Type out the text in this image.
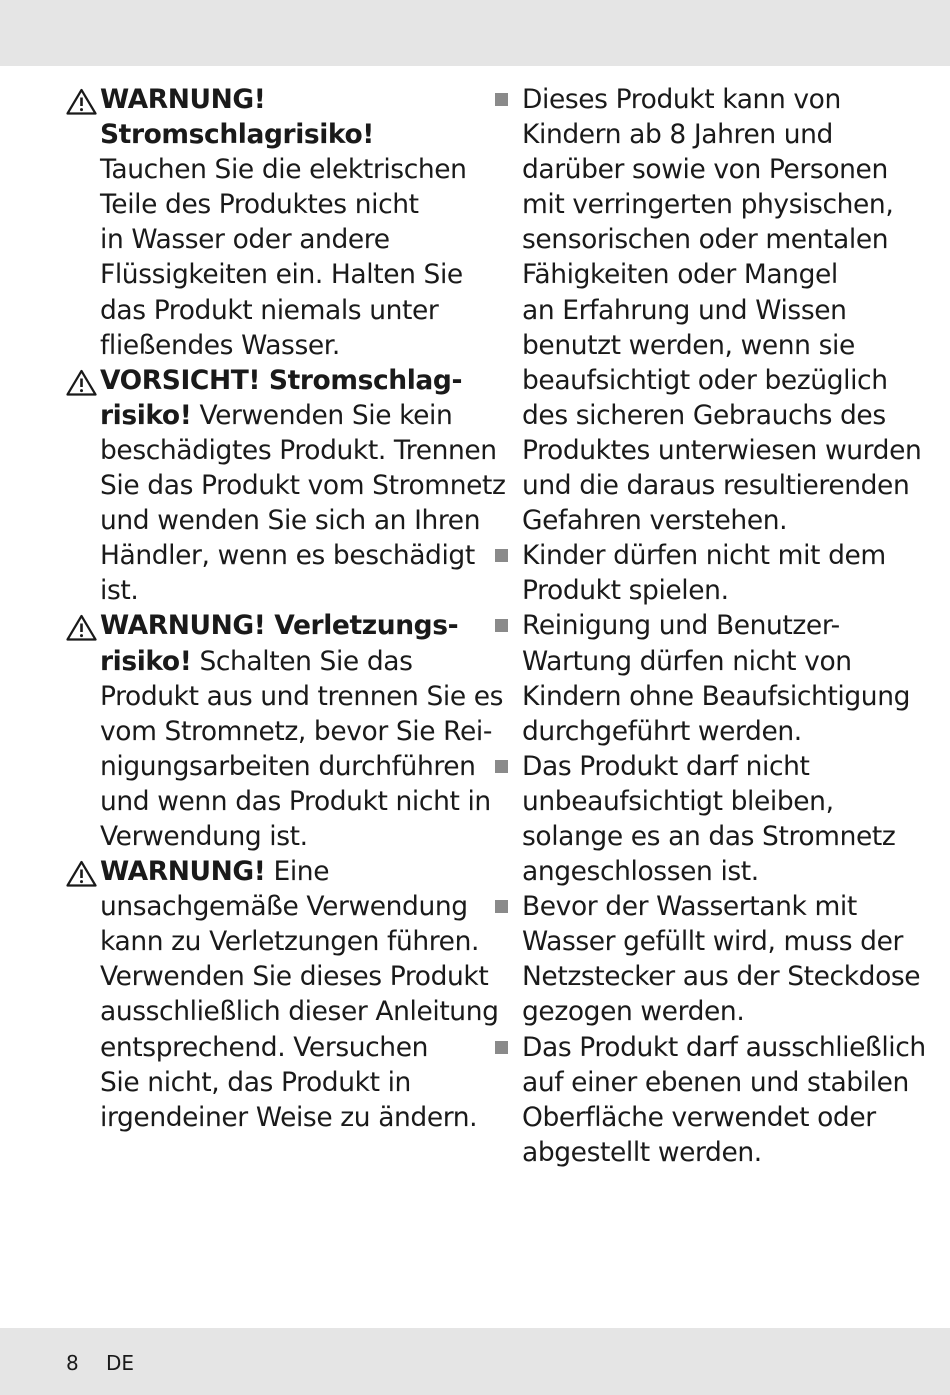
WARNUNG!
Stromschlagrisiko!
Tauchen Sie die elektrischen
Teile des Produktes nicht
in Wasser oder andere
Flüssigkeiten ein. Halten Sie
das Produkt niemals unter
fließendes Wasser.
VORSICHT! Stromschlag-
risiko! Verwenden Sie kein
beschädigtes Produkt. Trennen
Sie das Produkt vom Stromnetz
und wenden Sie sich an Ihren
Händler, wenn es beschädigt
ist.
WARNUNG! Verletzungs-
risiko! Schalten Sie das
Produkt aus und trennen Sie es
vom Stromnetz, bevor Sie Rei-
nigungsarbeiten durchführen
und wenn das Produkt nicht in
Verwendung ist.
WARNUNG! Eine
unsachgemäße Verwendung
kann zu Verletzungen führen.
Verwenden Sie dieses Produkt
ausschließlich dieser Anleitung
entsprechend. Versuchen
Sie nicht, das Produkt in
irgendeiner Weise zu ändern.
Dieses Produkt kann von
Kindern ab 8 Jahren und
darüber sowie von Personen
mit verringerten physischen,
sensorischen oder mentalen
Fähigkeiten oder Mangel
an Erfahrung und Wissen
benutzt werden, wenn sie
beaufsichtigt oder bezüglich
des sicheren Gebrauchs des
Produktes unterwiesen wurden
und die daraus resultierenden
Gefahren verstehen.
Kinder dürfen nicht mit dem
Produkt spielen.
Reinigung und Benutzer-
Wartung dürfen nicht von
Kindern ohne Beaufsichtigung
durchgeführt werden.
Das Produkt darf nicht
unbeaufsichtigt bleiben,
solange es an das Stromnetz
angeschlossen ist.
Bevor der Wassertank mit
Wasser gefüllt wird, muss der
Netzstecker aus der Steckdose
gezogen werden.
Das Produkt darf ausschließlich
auf einer ebenen und stabilen
Oberfläche verwendet oder
abgestellt werden.
8 DE
